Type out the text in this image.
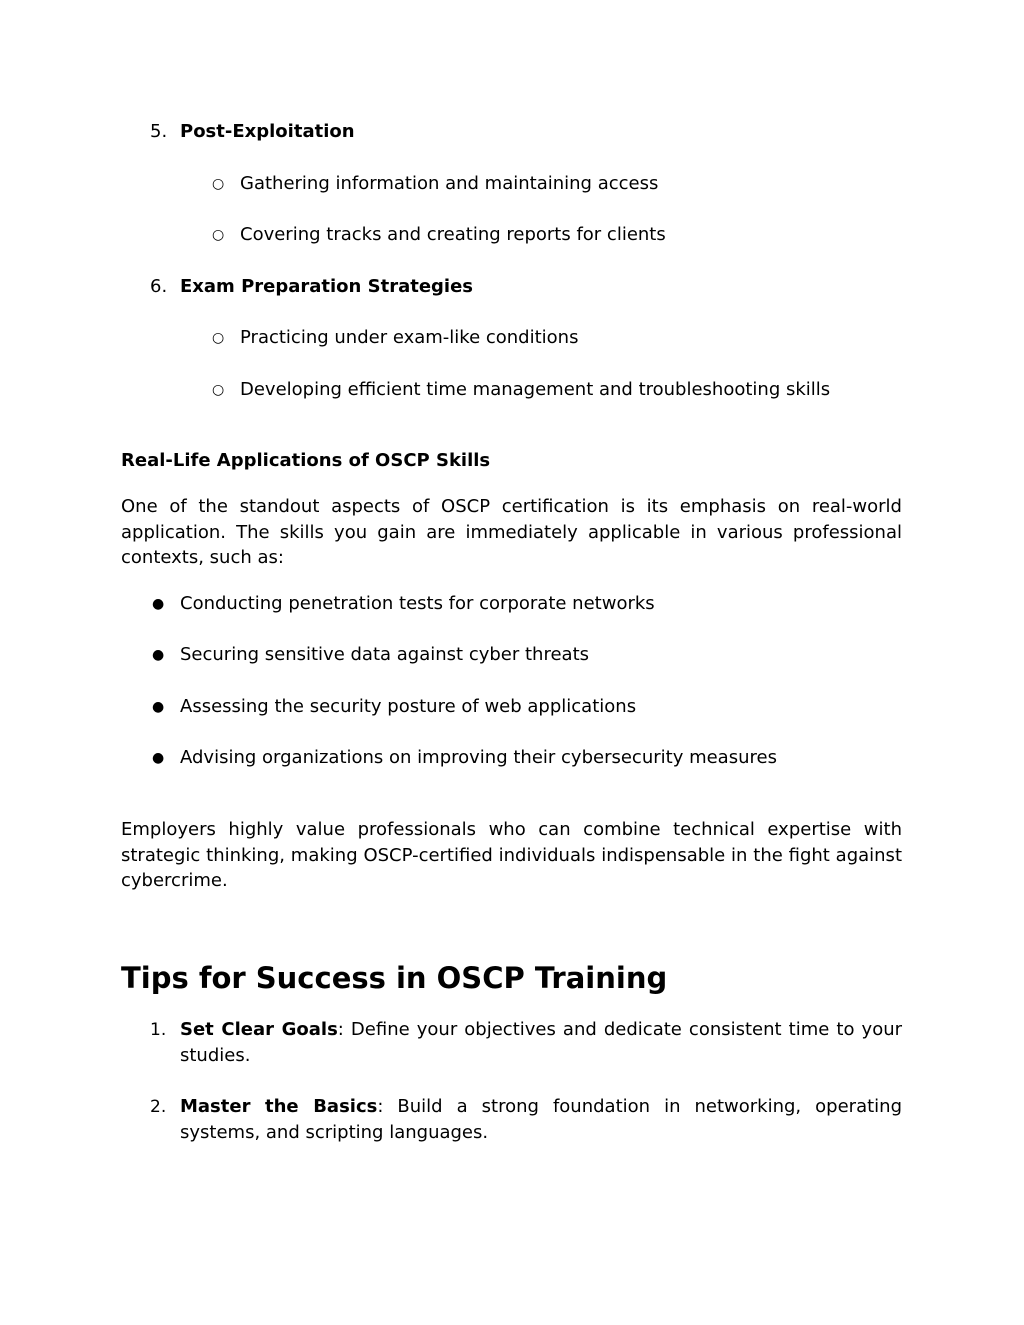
5. Post-Exploitation
○ Gathering information and maintaining access
○ Covering tracks and creating reports for clients
6. Exam Preparation Strategies
○ Practicing under exam-like conditions
○ Developing efficient time management and troubleshooting skills
Real-Life Applications of OSCP Skills
One of the standout aspects of OSCP certification is its emphasis on real-world application. The skills you gain are immediately applicable in various professional contexts, such as:
● Conducting penetration tests for corporate networks
● Securing sensitive data against cyber threats
● Assessing the security posture of web applications
● Advising organizations on improving their cybersecurity measures
Employers highly value professionals who can combine technical expertise with strategic thinking, making OSCP-certified individuals indispensable in the fight against cybercrime.
Tips for Success in OSCP Training
1. Set Clear Goals: Define your objectives and dedicate consistent time to your studies.
2. Master the Basics: Build a strong foundation in networking, operating systems, and scripting languages.
